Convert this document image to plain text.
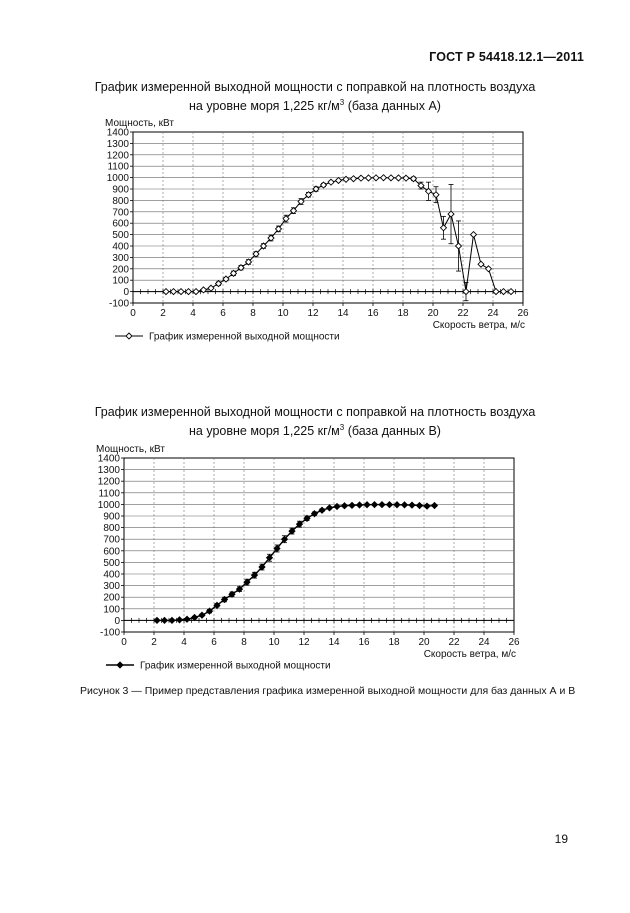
ГОСТ Р 54418.12.1—2011
График измеренной выходной мощности с поправкой на плотность воздуха
на уровне моря 1,225 $кг/м^3$ (база данных А)
График измеренной выходной мощности с поправкой на плотность воздуха
на уровне моря 1,225 $кг/м^3$ (база данных B)
-100
0
100
200
300
400
500
600
700
800
900
1000
1100
1200
1300
1400
0 2 4 6 8 10 12 14 16 18 20 22 24 26
Мощность, кВт
Скорость ветра, м/с
График измеренной выходной мощности
-100
0
100
200
300
400
500
600
700
800
900
1000
1100
1200
1300
1400
0 2 4 6 8 10 12 14 16 18 20 22 24 26
Мощность, кВт
Скорость ветра, м/с
График измеренной выходной мощности
Рисунок 3 — Пример представления графика измеренной выходной мощности для баз данных А и В
19
